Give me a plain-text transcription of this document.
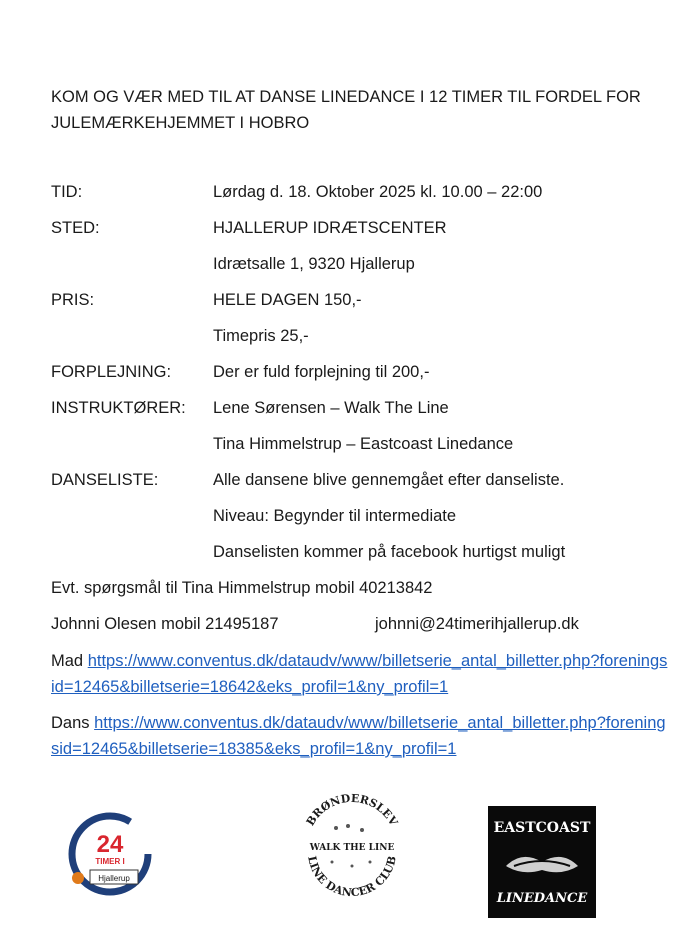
KOM OG VÆR MED TIL AT DANSE LINEDANCE I 12 TIMER TIL FORDEL FOR JULEMÆRKEHJEMMET I HOBRO
TID:	Lørdag d. 18. Oktober 2025 kl. 10.00 – 22:00
STED:	HJALLERUP IDRÆTSCENTER
Idrætsalle 1, 9320 Hjallerup
PRIS:	HELE DAGEN 150,-
Timepris 25,-
FORPLEJNING:	Der er fuld forplejning til 200,-
INSTRUKTØRER: Lene Sørensen – Walk The Line
Tina Himmelstrup – Eastcoast Linedance
DANSELISTE:	Alle dansene blive gennemgået efter danseliste.
Niveau: Begynder til intermediate
Danselisten kommer på facebook hurtigst muligt
Evt. spørgsmål til Tina Himmelstrup mobil 40213842
Johnni Olesen mobil 21495187	johnni@24timerihjallerup.dk
Mad https://www.conventus.dk/dataudv/www/billetserie_antal_billetter.php?foreningsid=12465&billetserie=18642&eks_profil=1&ny_profil=1
Dans https://www.conventus.dk/dataudv/www/billetserie_antal_billetter.php?foreningsid=12465&billetserie=18385&eks_profil=1&ny_profil=1
24
TIMER I
Hjallerup
BRØNDERSLEV
WALK THE LINE
LINE DANCER CLUB
EASTCOAST
LINEDANCE
